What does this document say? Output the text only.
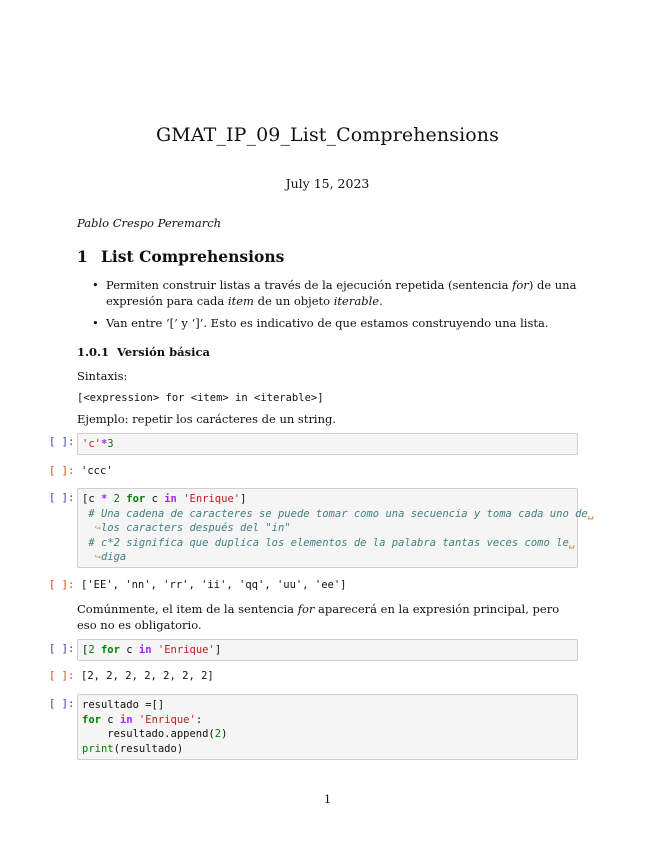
GMAT_IP_09_List_Comprehensions
July 15, 2023
Pablo Crespo Peremarch
1 List Comprehensions
• Permiten construir listas a través de la ejecución repetida (sentencia for) de una expresión para cada item de un objeto iterable.
• Van entre ‘[’ y ‘]’. Esto es indicativo de que estamos construyendo una lista.
1.0.1 Versión básica
Sintaxis:
[<expression> for <item> in <iterable>]
Ejemplo: repetir los carácteres de un string.
[ ]: 'c'*3
[ ]: 'ccc'
[ ]: [c * 2 for c in 'Enrique']
# Una cadena de caracteres se puede tomar como una secuencia y toma cada uno de␣
↪los caracters después del "in"
# c*2 significa que duplica los elementos de la palabra tantas veces como le␣
↪diga
[ ]: ['EE', 'nn', 'rr', 'ii', 'qq', 'uu', 'ee']
Comúnmente, el item de la sentencia for aparecerá en la expresión principal, pero eso no es obligatorio.
[ ]: [2 for c in 'Enrique']
[ ]: [2, 2, 2, 2, 2, 2, 2]
[ ]: resultado =[]
for c in 'Enrique':
resultado.append(2)
print(resultado)
1
